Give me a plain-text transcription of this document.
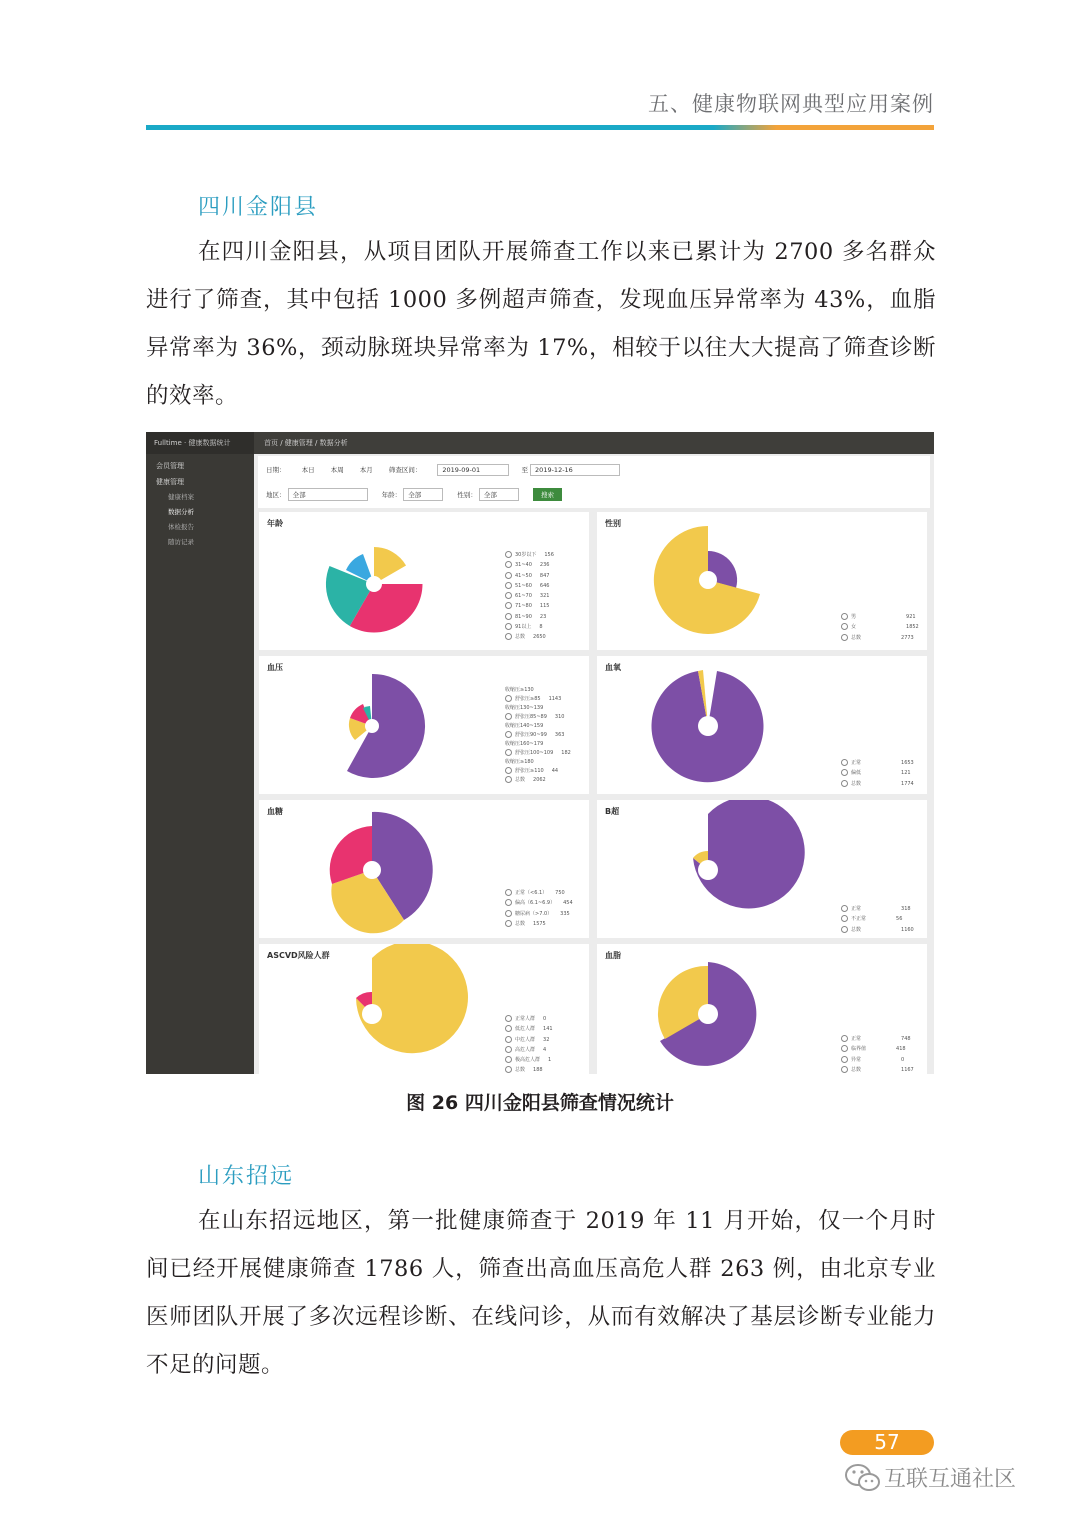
五、健康物联网典型应用案例
四川金阳县

在四川金阳县，从项目团队开展筛查工作以来已累计为 2700 多名群众进行了筛查，其中包括 1000 多例超声筛查，发现血压异常率为 43%，血脂异常率为 36%，颈动脉斑块异常率为 17%，相较于以往大大提高了筛查诊断的效率。

Fulltime · 健康数据统计
会员管理
健康管理
健康档案
数据分析
体检报告
随访记录
首页 / 健康管理 / 数据分析
日期： 本日 本周 本月 筛查区间：	2019-09-01	至 2019-12-16
地区： 全部	年龄： 全部	性别： 全部	搜索
年龄
30岁以下 156
31~40 236
41~50 847
51~60 646
61~70 321
71~80 115
81~90 23
91以上 8
总数 2650
性别
男	921
女	1852
总数	2773
血压
收缩压≥130
舒张压≥85 1143
收缩压130~139
舒张压85~89 310
收缩压140~159
舒张压90~99 363
收缩压160~179
舒张压100~109 182
收缩压≥180
舒张压≥110 44
总数 2062
血氧
正常	1653
偏低	121
总数	1774
血糖
正常（<6.1） 750
偏高（6.1~6.9） 454
糖尿病（>7.0） 335
总数 1575
B超
正常	318
不正常	56
总数	1160
ASCVD风险人群
正常人群 0
低危人群 141
中危人群 32
高危人群 4
极高危人群 1
总数 188
血脂
正常	748
临界值	418
异常	0
总数	1167
图 26 四川金阳县筛查情况统计
山东招远

在山东招远地区，第一批健康筛查于 2019 年 11 月开始，仅一个月时间已经开展健康筛查 1786 人，筛查出高血压高危人群 263 例，由北京专业医师团队开展了多次远程诊断、在线问诊，从而有效解决了基层诊断专业能力不足的问题。

57
互联互通社区
